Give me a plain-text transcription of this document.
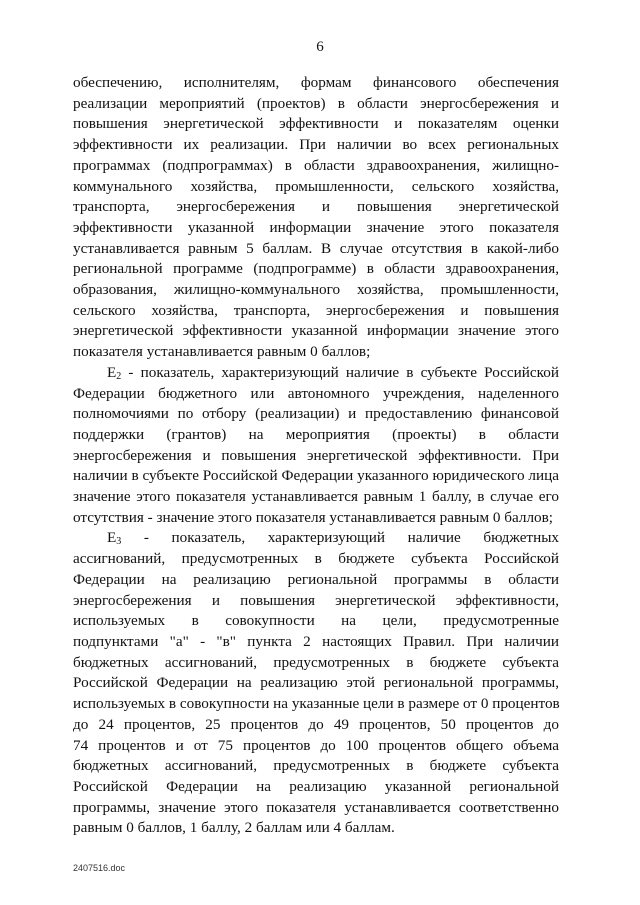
6
обеспечению, исполнителям, формам финансового обеспечения
реализации мероприятий (проектов) в области энергосбережения и
повышения энергетической эффективности и показателям оценки
эффективности их реализации. При наличии во всех региональных
программах (подпрограммах) в области здравоохранения, жилищно-
коммунального хозяйства, промышленности, сельского хозяйства,
транспорта, энергосбережения и повышения энергетической
эффективности указанной информации значение этого показателя
устанавливается равным 5 баллам. В случае отсутствия в какой-либо
региональной программе (подпрограмме) в области здравоохранения,
образования, жилищно-коммунального хозяйства, промышленности,
сельского хозяйства, транспорта, энергосбережения и повышения
энергетической эффективности указанной информации значение этого
показателя устанавливается равным 0 баллов;
$Е_2$ - показатель, характеризующий наличие в субъекте Российской
Федерации бюджетного или автономного учреждения, наделенного
полномочиями по отбору (реализации) и предоставлению финансовой
поддержки (грантов) на мероприятия (проекты) в области
энергосбережения и повышения энергетической эффективности. При
наличии в субъекте Российской Федерации указанного юридического лица
значение этого показателя устанавливается равным 1 баллу, в случае его
отсутствия - значение этого показателя устанавливается равным 0 баллов;
$Е_3$ - показатель, характеризующий наличие бюджетных
ассигнований, предусмотренных в бюджете субъекта Российской
Федерации на реализацию региональной программы в области
энергосбережения и повышения энергетической эффективности,
используемых в совокупности на цели, предусмотренные
подпунктами "а" - "в" пункта 2 настоящих Правил. При наличии
бюджетных ассигнований, предусмотренных в бюджете субъекта
Российской Федерации на реализацию этой региональной программы,
используемых в совокупности на указанные цели в размере от 0 процентов
до 24 процентов, 25 процентов до 49 процентов, 50 процентов до
74 процентов и от 75 процентов до 100 процентов общего объема
бюджетных ассигнований, предусмотренных в бюджете субъекта
Российской Федерации на реализацию указанной региональной
программы, значение этого показателя устанавливается соответственно
равным 0 баллов, 1 баллу, 2 баллам или 4 баллам.
2407516.doc
